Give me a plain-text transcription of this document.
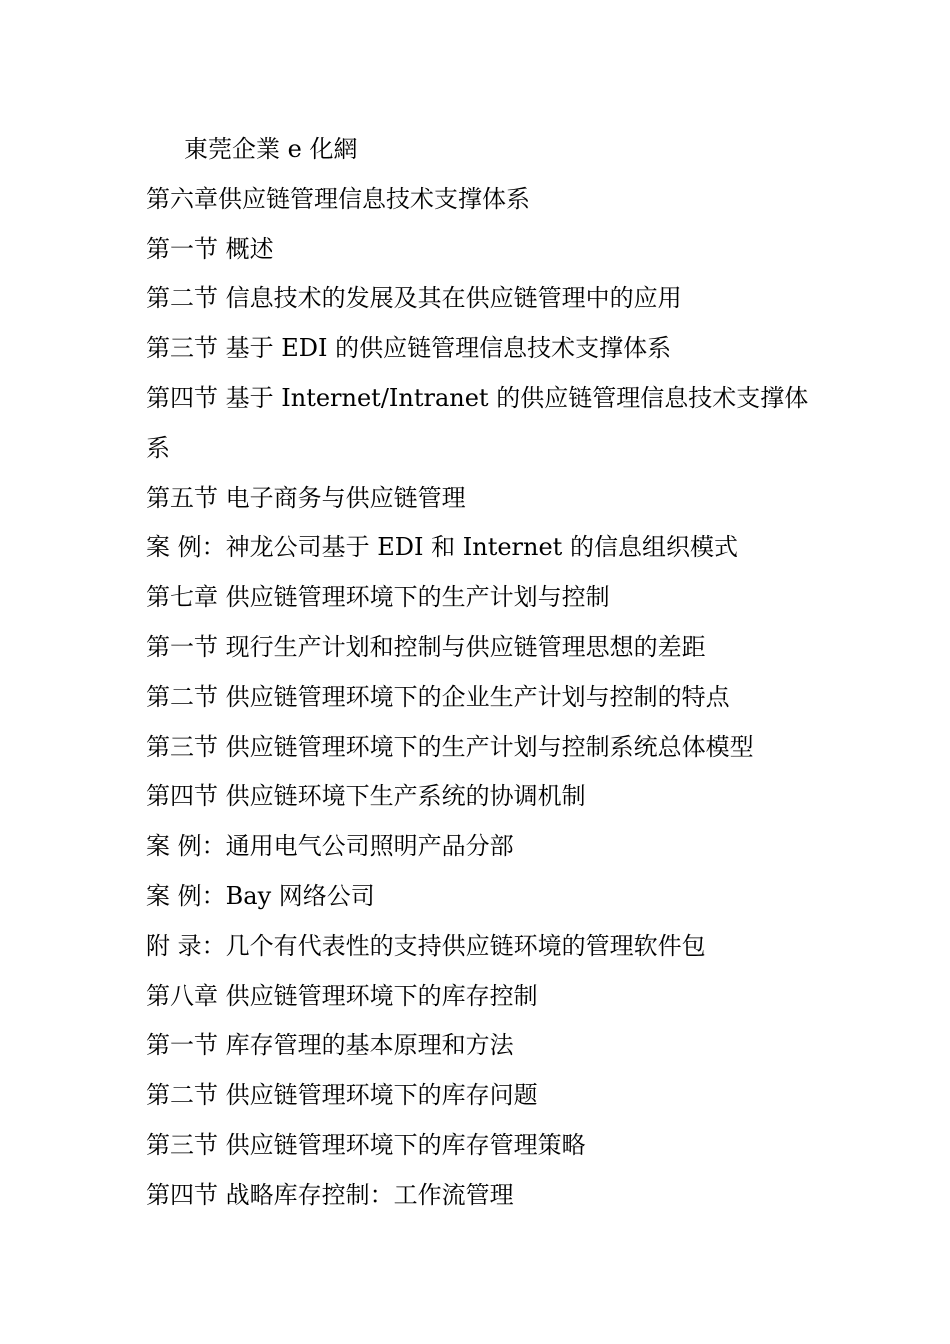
東莞企業 e 化網
第六章供应链管理信息技术支撑体系
第一节 概述
第二节 信息技术的发展及其在供应链管理中的应用
第三节 基于 EDI 的供应链管理信息技术支撑体系
第四节 基于 Internet/Intranet 的供应链管理信息技术支撑体系
第五节 电子商务与供应链管理
案 例：神龙公司基于 EDI 和 Internet 的信息组织模式
第七章 供应链管理环境下的生产计划与控制
第一节 现行生产计划和控制与供应链管理思想的差距
第二节 供应链管理环境下的企业生产计划与控制的特点
第三节 供应链管理环境下的生产计划与控制系统总体模型
第四节 供应链环境下生产系统的协调机制
案 例：通用电气公司照明产品分部
案 例：Bay 网络公司
附 录：几个有代表性的支持供应链环境的管理软件包
第八章 供应链管理环境下的库存控制
第一节 库存管理的基本原理和方法
第二节 供应链管理环境下的库存问题
第三节 供应链管理环境下的库存管理策略
第四节 战略库存控制：工作流管理
